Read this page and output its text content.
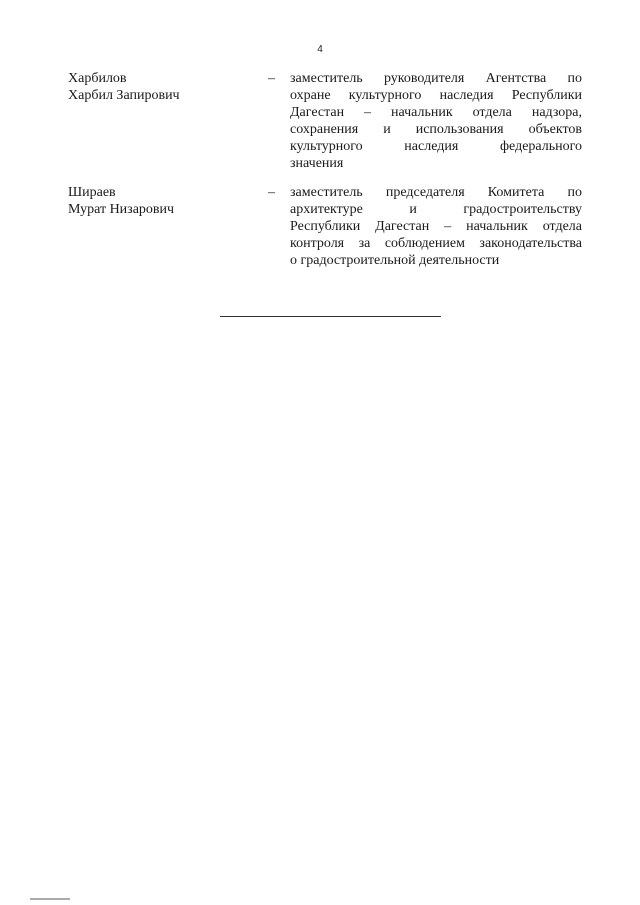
4
Харбилов
Харбил Запирович
– заместитель руководителя Агентства по
охране культурного наследия Республики
Дагестан – начальник отдела надзора,
сохранения и использования объектов
культурного наследия федерального
значения
Шираев
Мурат Низарович
– заместитель председателя Комитета по
архитектуре и градостроительству
Республики Дагестан – начальник отдела
контроля за соблюдением законодательства
о градостроительной деятельности
